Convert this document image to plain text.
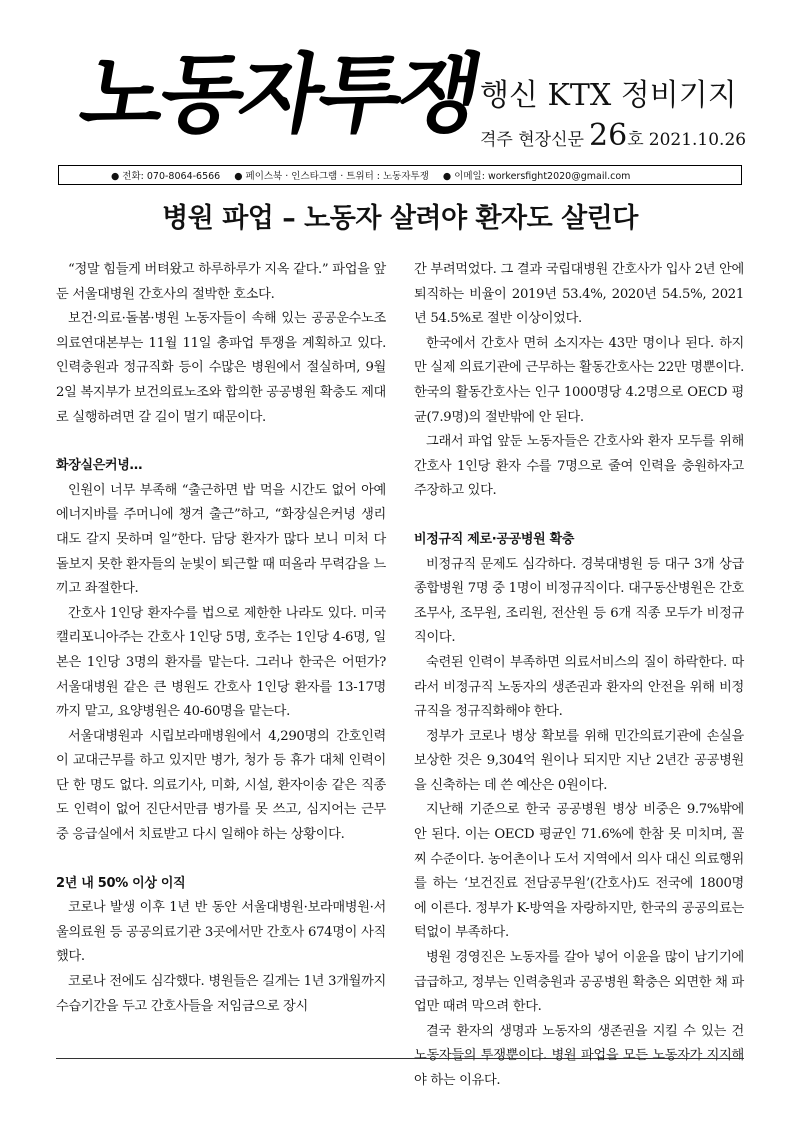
노동자투쟁
행신 KTX 정비기지
격주 현장신문 26호 2021.10.26
● 전화: 070-8064-6566 ● 페이스북 · 인스타그램 · 트위터 : 노동자투쟁 ● 이메일: workersfight2020@gmail.com
병원 파업 – 노동자 살려야 환자도 살린다

“정말 힘들게 버텨왔고 하루하루가 지옥 같다.” 파업을 앞둔 서울대병원 간호사의 절박한 호소다.

보건·의료·돌봄·병원 노동자들이 속해 있는 공공운수노조 의료연대본부는 11월 11일 총파업 투쟁을 계획하고 있다. 인력충원과 정규직화 등이 수많은 병원에서 절실하며, 9월 2일 복지부가 보건의료노조와 합의한 공공병원 확충도 제대로 실행하려면 갈 길이 멀기 때문이다.

화장실은커녕…

인원이 너무 부족해 “출근하면 밥 먹을 시간도 없어 아예 에너지바를 주머니에 챙겨 출근”하고, “화장실은커녕 생리대도 갈지 못하며 일”한다. 담당 환자가 많다 보니 미처 다 돌보지 못한 환자들의 눈빛이 퇴근할 때 떠올라 무력감을 느끼고 좌절한다.

간호사 1인당 환자수를 법으로 제한한 나라도 있다. 미국 캘리포니아주는 간호사 1인당 5명, 호주는 1인당 4-6명, 일본은 1인당 3명의 환자를 맡는다. 그러나 한국은 어떤가? 서울대병원 같은 큰 병원도 간호사 1인당 환자를 13-17명까지 맡고, 요양병원은 40-60명을 맡는다.

서울대병원과 시립보라매병원에서 4,290명의 간호인력이 교대근무를 하고 있지만 병가, 청가 등 휴가 대체 인력이 단 한 명도 없다. 의료기사, 미화, 시설, 환자이송 같은 직종도 인력이 없어 진단서만큼 병가를 못 쓰고, 심지어는 근무 중 응급실에서 치료받고 다시 일해야 하는 상황이다.

2년 내 50% 이상 이직

코로나 발생 이후 1년 반 동안 서울대병원·보라매병원·서울의료원 등 공공의료기관 3곳에서만 간호사 674명이 사직했다.

코로나 전에도 심각했다. 병원들은 길게는 1년 3개월까지 수습기간을 두고 간호사들을 저임금으로 장시

간 부려먹었다. 그 결과 국립대병원 간호사가 입사 2년 안에 퇴직하는 비율이 2019년 53.4%, 2020년 54.5%, 2021년 54.5%로 절반 이상이었다.

한국에서 간호사 면허 소지자는 43만 명이나 된다. 하지만 실제 의료기관에 근무하는 활동간호사는 22만 명뿐이다. 한국의 활동간호사는 인구 1000명당 4.2명으로 OECD 평균(7.9명)의 절반밖에 안 된다.

그래서 파업 앞둔 노동자들은 간호사와 환자 모두를 위해 간호사 1인당 환자 수를 7명으로 줄여 인력을 충원하자고 주장하고 있다.

비정규직 제로·공공병원 확충

비정규직 문제도 심각하다. 경북대병원 등 대구 3개 상급 종합병원 7명 중 1명이 비정규직이다. 대구동산병원은 간호조무사, 조무원, 조리원, 전산원 등 6개 직종 모두가 비정규직이다.

숙련된 인력이 부족하면 의료서비스의 질이 하락한다. 따라서 비정규직 노동자의 생존권과 환자의 안전을 위해 비정규직을 정규직화해야 한다.

정부가 코로나 병상 확보를 위해 민간의료기관에 손실을 보상한 것은 9,304억 원이나 되지만 지난 2년간 공공병원을 신축하는 데 쓴 예산은 0원이다.

지난해 기준으로 한국 공공병원 병상 비중은 9.7%밖에 안 된다. 이는 OECD 평균인 71.6%에 한참 못 미치며, 꼴찌 수준이다. 농어촌이나 도서 지역에서 의사 대신 의료행위를 하는 ‘보건진료 전담공무원’(간호사)도 전국에 1800명에 이른다. 정부가 K-방역을 자랑하지만, 한국의 공공의료는 턱없이 부족하다.

병원 경영진은 노동자를 갈아 넣어 이윤을 많이 남기기에 급급하고, 정부는 인력충원과 공공병원 확충은 외면한 채 파업만 때려 막으려 한다.

결국 환자의 생명과 노동자의 생존권을 지킬 수 있는 건 노동자들의 투쟁뿐이다. 병원 파업을 모든 노동자가 지지해야 하는 이유다.
